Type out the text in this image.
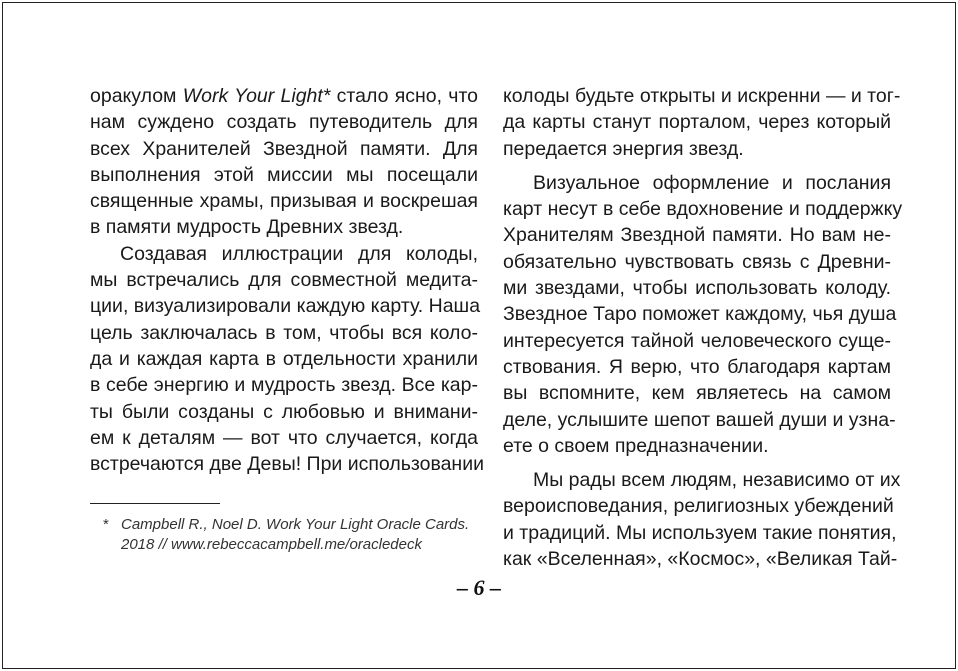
оракулом Work Your Light* стало ясно, что
нам суждено создать путеводитель для
всех Хранителей Звездной памяти. Для
выполнения этой миссии мы посещали
священные храмы, призывая и воскрешая
в памяти мудрость Древних звезд.
Создавая иллюстрации для колоды,
мы встречались для совместной медита-
ции, визуализировали каждую карту. Наша
цель заключалась в том, чтобы вся коло-
да и каждая карта в отдельности хранили
в себе энергию и мудрость звезд. Все кар-
ты были созданы с любовью и внимани-
ем к деталям — вот что случается, когда
встречаются две Девы! При использовании
* Campbell R., Noel D. Work Your Light Oracle Cards.
2018 // www.rebeccacampbell.me/oracledeck
колоды будьте открыты и искренни — и тог-
да карты станут порталом, через который
передается энергия звезд.
Визуальное оформление и послания
карт несут в себе вдохновение и поддержку
Хранителям Звездной памяти. Но вам не-
обязательно чувствовать связь с Древни-
ми звездами, чтобы использовать колоду.
Звездное Таро поможет каждому, чья душа
интересуется тайной человеческого суще-
ствования. Я верю, что благодаря картам
вы вспомните, кем являетесь на самом
деле, услышите шепот вашей души и узна-
ете о своем предназначении.
Мы рады всем людям, независимо от их
вероисповедания, религиозных убеждений
и традиций. Мы используем такие понятия,
как «Вселенная», «Космос», «Великая Тай-
– 6 –
